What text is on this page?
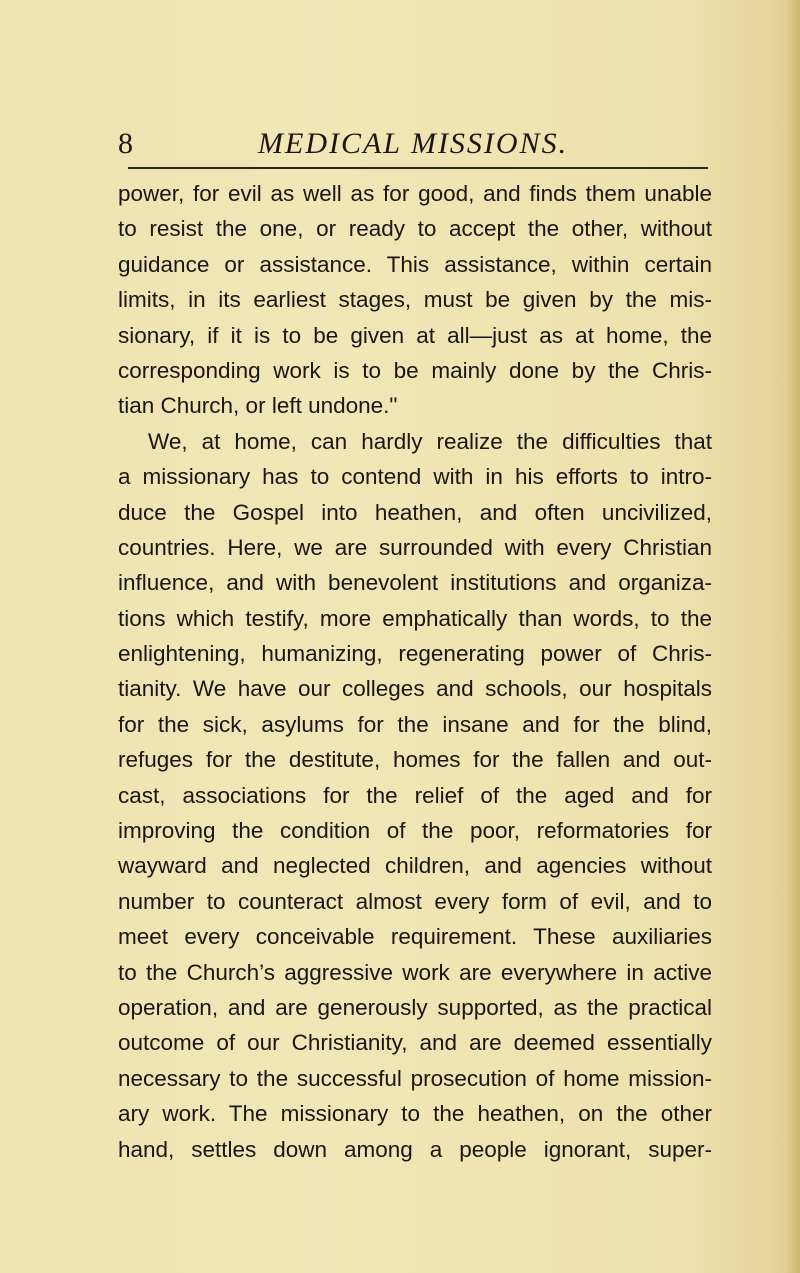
8	MEDICAL MISSIONS.
power, for evil as well as for good, and finds them unable
to resist the one, or ready to accept the other, without
guidance or assistance. This assistance, within certain
limits, in its earliest stages, must be given by the mis-
sionary, if it is to be given at all—just as at home, the
corresponding work is to be mainly done by the Chris-
tian Church, or left undone."
We, at home, can hardly realize the difficulties that
a missionary has to contend with in his efforts to intro-
duce the Gospel into heathen, and often uncivilized,
countries. Here, we are surrounded with every Christian
influence, and with benevolent institutions and organiza-
tions which testify, more emphatically than words, to the
enlightening, humanizing, regenerating power of Chris-
tianity. We have our colleges and schools, our hospitals
for the sick, asylums for the insane and for the blind,
refuges for the destitute, homes for the fallen and out-
cast, associations for the relief of the aged and for
improving the condition of the poor, reformatories for
wayward and neglected children, and agencies without
number to counteract almost every form of evil, and to
meet every conceivable requirement. These auxiliaries
to the Church’s aggressive work are everywhere in active
operation, and are generously supported, as the practical
outcome of our Christianity, and are deemed essentially
necessary to the successful prosecution of home mission-
ary work. The missionary to the heathen, on the other
hand, settles down among a people ignorant, super-
